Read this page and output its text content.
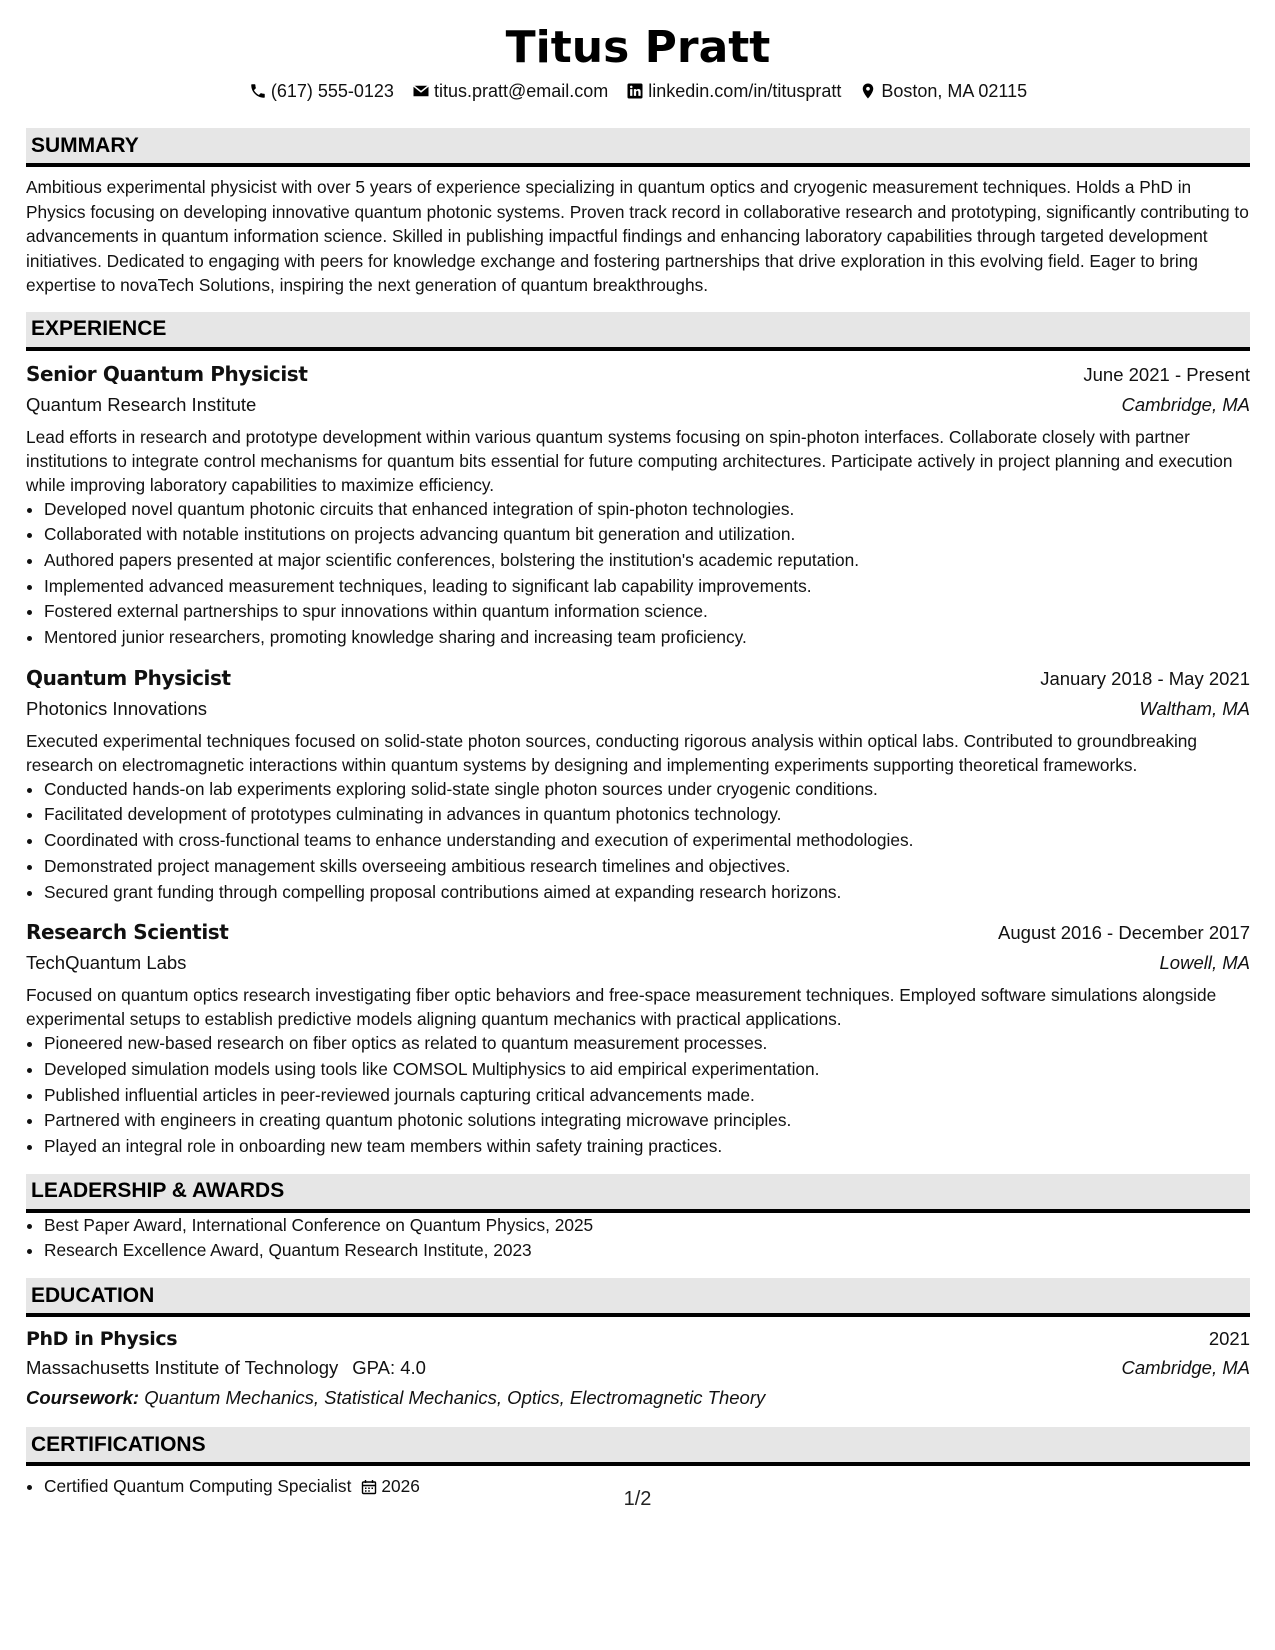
Titus Pratt
(617) 555-0123 titus.pratt@email.com linkedin.com/in/tituspratt Boston, MA 02115
SUMMARY

Ambitious experimental physicist with over 5 years of experience specializing in quantum optics and cryogenic measurement techniques. Holds a PhD in Physics focusing on developing innovative quantum photonic systems. Proven track record in collaborative research and prototyping, significantly contributing to advancements in quantum information science. Skilled in publishing impactful findings and enhancing laboratory capabilities through targeted development initiatives. Dedicated to engaging with peers for knowledge exchange and fostering partnerships that drive exploration in this evolving field. Eager to bring expertise to novaTech Solutions, inspiring the next generation of quantum breakthroughs.

EXPERIENCE
Senior Quantum Physicist	June 2021 - Present
Quantum Research Institute	Cambridge, MA
Lead efforts in research and prototype development within various quantum systems focusing on spin-photon interfaces. Collaborate closely with partner institutions to integrate control mechanisms for quantum bits essential for future computing architectures. Participate actively in project planning and execution while improving laboratory capabilities to maximize efficiency.
• Developed novel quantum photonic circuits that enhanced integration of spin-photon technologies.
• Collaborated with notable institutions on projects advancing quantum bit generation and utilization.
• Authored papers presented at major scientific conferences, bolstering the institution's academic reputation.
• Implemented advanced measurement techniques, leading to significant lab capability improvements.
• Fostered external partnerships to spur innovations within quantum information science.
• Mentored junior researchers, promoting knowledge sharing and increasing team proficiency.
Quantum Physicist	January 2018 - May 2021
Photonics Innovations	Waltham, MA
Executed experimental techniques focused on solid-state photon sources, conducting rigorous analysis within optical labs. Contributed to groundbreaking research on electromagnetic interactions within quantum systems by designing and implementing experiments supporting theoretical frameworks.
• Conducted hands-on lab experiments exploring solid-state single photon sources under cryogenic conditions.
• Facilitated development of prototypes culminating in advances in quantum photonics technology.
• Coordinated with cross-functional teams to enhance understanding and execution of experimental methodologies.
• Demonstrated project management skills overseeing ambitious research timelines and objectives.
• Secured grant funding through compelling proposal contributions aimed at expanding research horizons.
Research Scientist	August 2016 - December 2017
TechQuantum Labs	Lowell, MA
Focused on quantum optics research investigating fiber optic behaviors and free-space measurement techniques. Employed software simulations alongside experimental setups to establish predictive models aligning quantum mechanics with practical applications.
• Pioneered new-based research on fiber optics as related to quantum measurement processes.
• Developed simulation models using tools like COMSOL Multiphysics to aid empirical experimentation.
• Published influential articles in peer-reviewed journals capturing critical advancements made.
• Partnered with engineers in creating quantum photonic solutions integrating microwave principles.
• Played an integral role in onboarding new team members within safety training practices.
LEADERSHIP & AWARDS
• Best Paper Award, International Conference on Quantum Physics, 2025
• Research Excellence Award, Quantum Research Institute, 2023
EDUCATION
PhD in Physics	2021
Massachusetts Institute of Technology GPA: 4.0	Cambridge, MA
Coursework: Quantum Mechanics, Statistical Mechanics, Optics, Electromagnetic Theory
CERTIFICATIONS
• Certified Quantum Computing Specialist 2026
1/2
